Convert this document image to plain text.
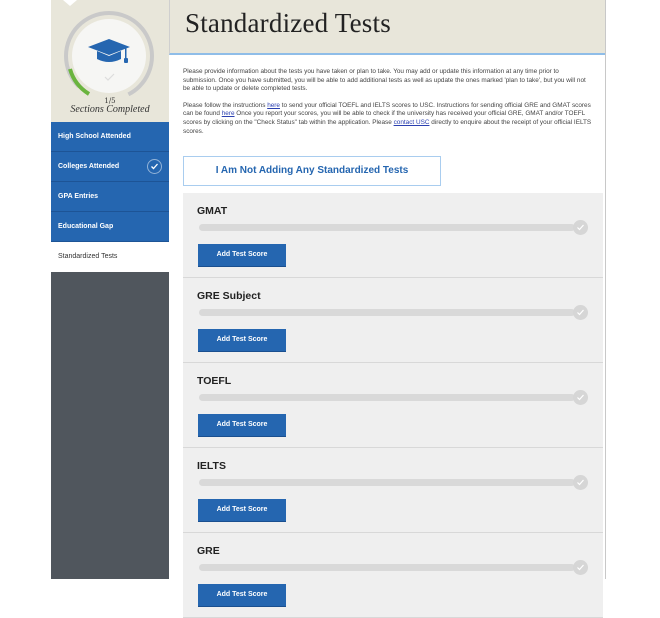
1/5
Sections Completed
High School Attended
Colleges Attended
GPA Entries
Educational Gap
Standardized Tests
Standardized Tests

Please provide information about the tests you have taken or plan to take. You may add or update this information at any time prior to submission. Once you have submitted, you will be able to add additional tests as well as update the ones marked 'plan to take', but you will not be able to update or delete completed tests.

Please follow the instructions here to send your official TOEFL and IELTS scores to USC. Instructions for sending official GRE and GMAT scores can be found here Once you report your scores, you will be able to check if the university has received your official GRE, GMAT and/or TOEFL scores by clicking on the "Check Status" tab within the application. Please contact USC directly to enquire about the receipt of your official IELTS scores.

I Am Not Adding Any Standardized Tests
GMAT
Add Test Score
GRE Subject
Add Test Score
TOEFL
Add Test Score
IELTS
Add Test Score
GRE
Add Test Score
